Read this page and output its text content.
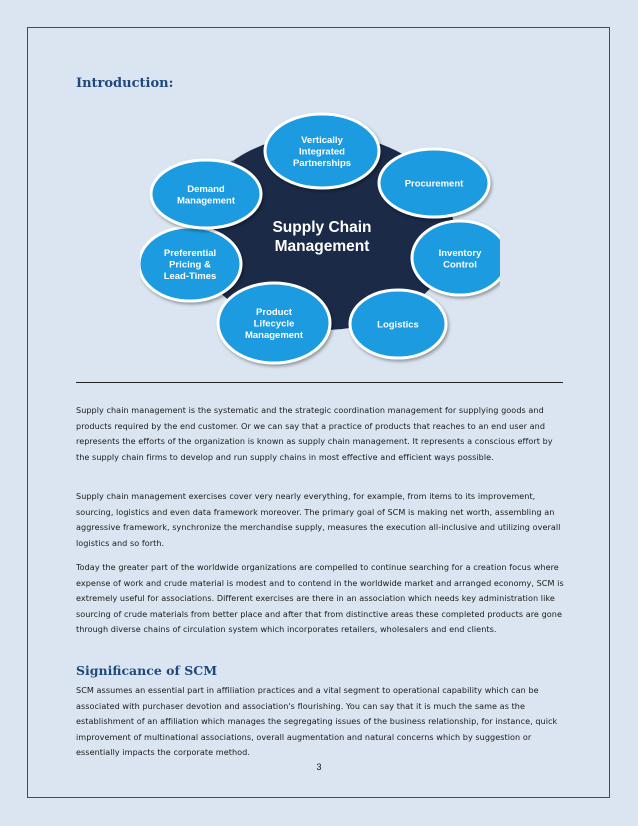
Introduction:
Supply Chain
Management
Vertically
Integrated
Partnerships
Procurement
Inventory
Control
Logistics
Product
Lifecycle
Management
Preferential
Pricing &
Lead-Times
Demand
Management

Supply chain management is the systematic and the strategic coordination management for supplying goods and products required by the end customer. Or we can say that a practice of products that reaches to an end user and represents the efforts of the organization is known as supply chain management. It represents a conscious effort by the supply chain firms to develop and run supply chains in most effective and efficient ways possible.

Supply chain management exercises cover very nearly everything, for example, from items to its improvement, sourcing, logistics and even data framework moreover. The primary goal of SCM is making net worth, assembling an aggressive framework, synchronize the merchandise supply, measures the execution all-inclusive and utilizing overall logistics and so forth.

Today the greater part of the worldwide organizations are compelled to continue searching for a creation focus where expense of work and crude material is modest and to contend in the worldwide market and arranged economy, SCM is extremely useful for associations. Different exercises are there in an association which needs key administration like sourcing of crude materials from better place and after that from distinctive areas these completed products are gone through diverse chains of circulation system which incorporates retailers, wholesalers and end clients.

Significance of SCM

SCM assumes an essential part in affiliation practices and a vital segment to operational capability which can be associated with purchaser devotion and association's flourishing. You can say that it is much the same as the establishment of an affiliation which manages the segregating issues of the business relationship, for instance, quick improvement of multinational associations, overall augmentation and natural concerns which by suggestion or essentially impacts the corporate method.

3
